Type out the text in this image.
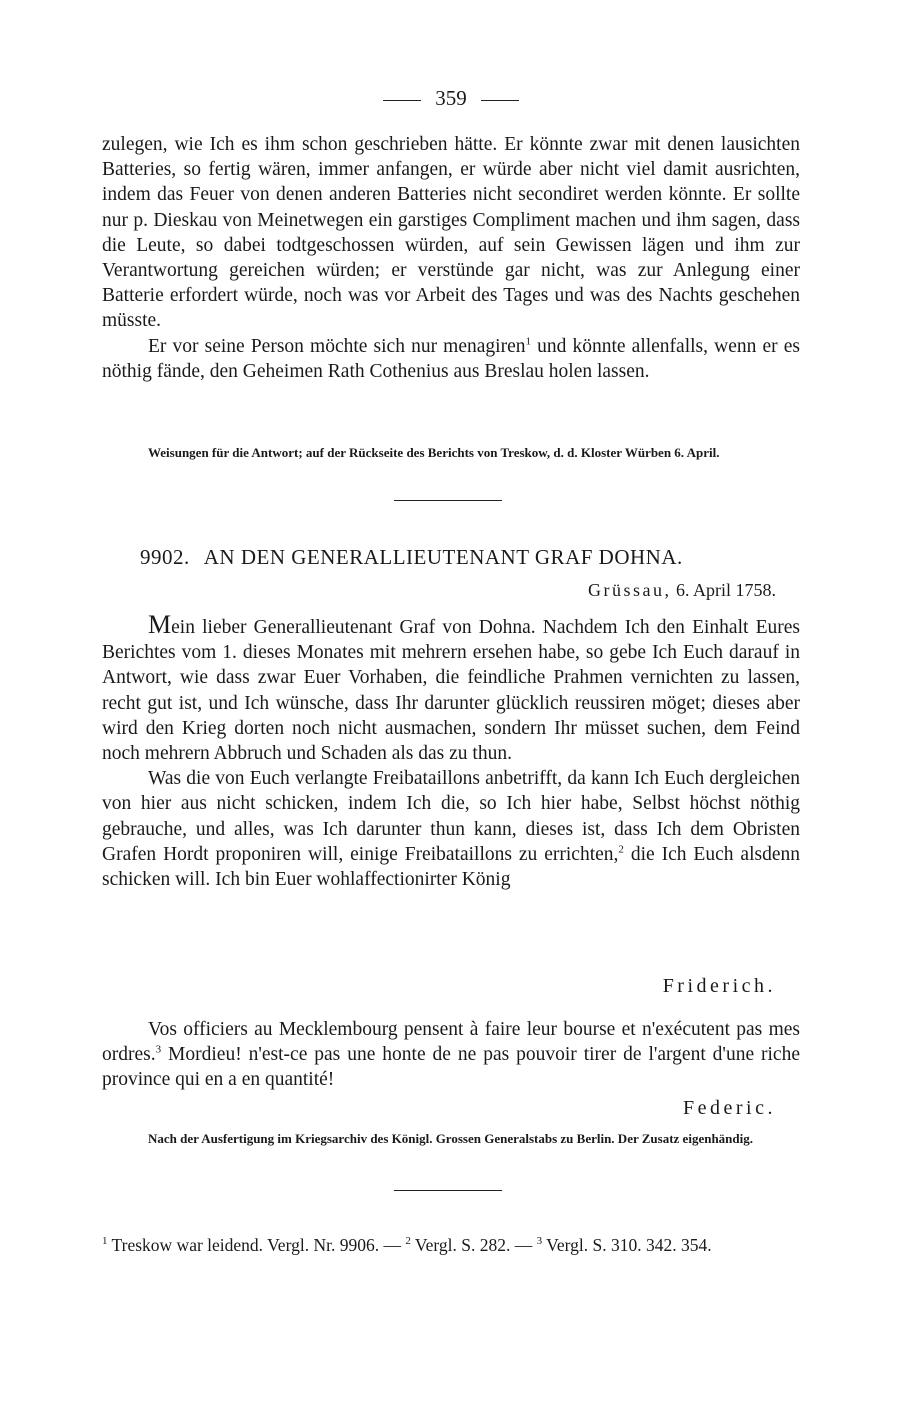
359

zulegen, wie Ich es ihm schon geschrieben hätte. Er könnte zwar mit denen lausichten Batteries, so fertig wären, immer anfangen, er würde aber nicht viel damit ausrichten, indem das Feuer von denen anderen Batteries nicht secondiret werden könnte. Er sollte nur p. Dieskau von Meinetwegen ein garstiges Compliment machen und ihm sagen, dass die Leute, so dabei todtgeschossen würden, auf sein Gewissen lägen und ihm zur Verantwortung gereichen würden; er verstünde gar nicht, was zur Anlegung einer Batterie erfordert würde, noch was vor Arbeit des Tages und was des Nachts geschehen müsste.

Er vor seine Person möchte sich nur menagiren$^1$ und könnte allenfalls, wenn er es nöthig fände, den Geheimen Rath Cothenius aus Breslau holen lassen.

Weisungen für die Antwort; auf der Rückseite des Berichts von Treskow, d. d. Kloster Würben 6. April.

9902. AN DEN GENERALLIEUTENANT GRAF DOHNA.
Grüssau, 6. April 1758.

Mein lieber Generallieutenant Graf von Dohna. Nachdem Ich den Einhalt Eures Berichtes vom 1. dieses Monates mit mehrern ersehen habe, so gebe Ich Euch darauf in Antwort, wie dass zwar Euer Vorhaben, die feindliche Prahmen vernichten zu lassen, recht gut ist, und Ich wünsche, dass Ihr darunter glücklich reussiren möget; dieses aber wird den Krieg dorten noch nicht ausmachen, sondern Ihr müsset suchen, dem Feind noch mehrern Abbruch und Schaden als das zu thun.

Was die von Euch verlangte Freibataillons anbetrifft, da kann Ich Euch dergleichen von hier aus nicht schicken, indem Ich die, so Ich hier habe, Selbst höchst nöthig gebrauche, und alles, was Ich darunter thun kann, dieses ist, dass Ich dem Obristen Grafen Hordt proponiren will, einige Freibataillons zu errichten,$^2$ die Ich Euch alsdenn schicken will. Ich bin Euer wohlaffectionirter König

Friderich.

Vos officiers au Mecklembourg pensent à faire leur bourse et n'exécutent pas mes ordres.$^3$ Mordieu! n'est-ce pas une honte de ne pas pouvoir tirer de l'argent d'une riche province qui en a en quantité!

Federic.

Nach der Ausfertigung im Kriegsarchiv des Königl. Grossen Generalstabs zu Berlin. Der Zusatz eigenhändig.

$^1$ Treskow war leidend. Vergl. Nr. 9906. — $^2$ Vergl. S. 282. — $^3$ Vergl. S. 310. 342. 354.
